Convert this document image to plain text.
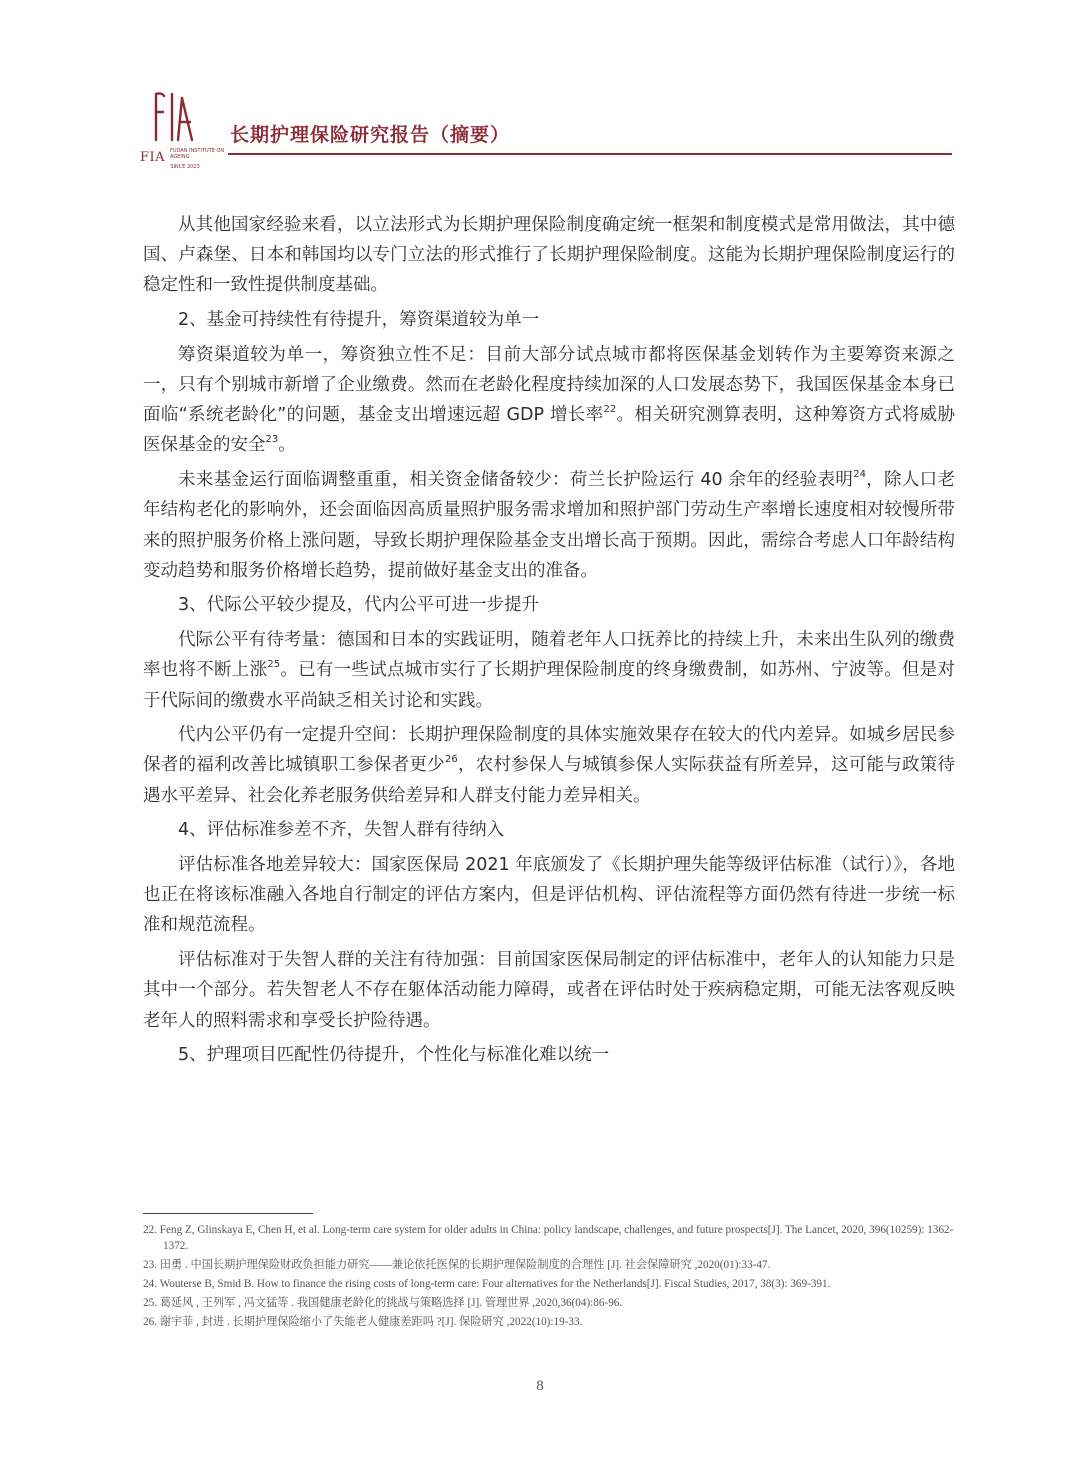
FIA FUDAN INSTITUTE ON AGEING
SINCE 2023
长期护理保险研究报告（摘要）
从其他国家经验来看，以立法形式为长期护理保险制度确定统一框架和制度模式是常用做法，其中德国、卢森堡、日本和韩国均以专门立法的形式推行了长期护理保险制度。这能为长期护理保险制度运行的稳定性和一致性提供制度基础。
2、基金可持续性有待提升，筹资渠道较为单一
筹资渠道较为单一，筹资独立性不足：目前大部分试点城市都将医保基金划转作为主要筹资来源之一，只有个别城市新增了企业缴费。然而在老龄化程度持续加深的人口发展态势下，我国医保基金本身已面临“系统老龄化”的问题，基金支出增速远超 GDP 增长率$^{22}$。相关研究测算表明，这种筹资方式将威胁医保基金的安全$^{23}$。
未来基金运行面临调整重重，相关资金储备较少：荷兰长护险运行 40 余年的经验表明$^{24}$，除人口老年结构老化的影响外，还会面临因高质量照护服务需求增加和照护部门劳动生产率增长速度相对较慢所带来的照护服务价格上涨问题，导致长期护理保险基金支出增长高于预期。因此，需综合考虑人口年龄结构变动趋势和服务价格增长趋势，提前做好基金支出的准备。
3、代际公平较少提及，代内公平可进一步提升
代际公平有待考量：德国和日本的实践证明，随着老年人口抚养比的持续上升，未来出生队列的缴费率也将不断上涨$^{25}$。已有一些试点城市实行了长期护理保险制度的终身缴费制，如苏州、宁波等。但是对于代际间的缴费水平尚缺乏相关讨论和实践。
代内公平仍有一定提升空间：长期护理保险制度的具体实施效果存在较大的代内差异。如城乡居民参保者的福利改善比城镇职工参保者更少$^{26}$，农村参保人与城镇参保人实际获益有所差异，这可能与政策待遇水平差异、社会化养老服务供给差异和人群支付能力差异相关。
4、评估标准参差不齐，失智人群有待纳入
评估标准各地差异较大：国家医保局 2021 年底颁发了《长期护理失能等级评估标准（试行）》，各地也正在将该标准融入各地自行制定的评估方案内，但是评估机构、评估流程等方面仍然有待进一步统一标准和规范流程。
评估标准对于失智人群的关注有待加强：目前国家医保局制定的评估标准中，老年人的认知能力只是其中一个部分。若失智老人不存在躯体活动能力障碍，或者在评估时处于疾病稳定期，可能无法客观反映老年人的照料需求和享受长护险待遇。
5、护理项目匹配性仍待提升，个性化与标准化难以统一
22. Feng Z, Glinskaya E, Chen H, et al. Long-term care system for older adults in China: policy landscape, challenges, and future prospects[J]. The Lancet, 2020, 396(10259): 1362-1372.
23. 田勇 . 中国长期护理保险财政负担能力研究——兼论依托医保的长期护理保险制度的合理性 [J]. 社会保障研究 ,2020(01):33-47.
24. Wouterse B, Smid B. How to finance the rising costs of long‐term care: Four alternatives for the Netherlands[J]. Fiscal Studies, 2017, 38(3): 369-391.
25. 葛延风 , 王列军 , 冯文猛等 . 我国健康老龄化的挑战与策略选择 [J]. 管理世界 ,2020,36(04):86-96.
26. 谢宇菲 , 封进 . 长期护理保险缩小了失能老人健康差距吗 ?[J]. 保险研究 ,2022(10):19-33.
8
